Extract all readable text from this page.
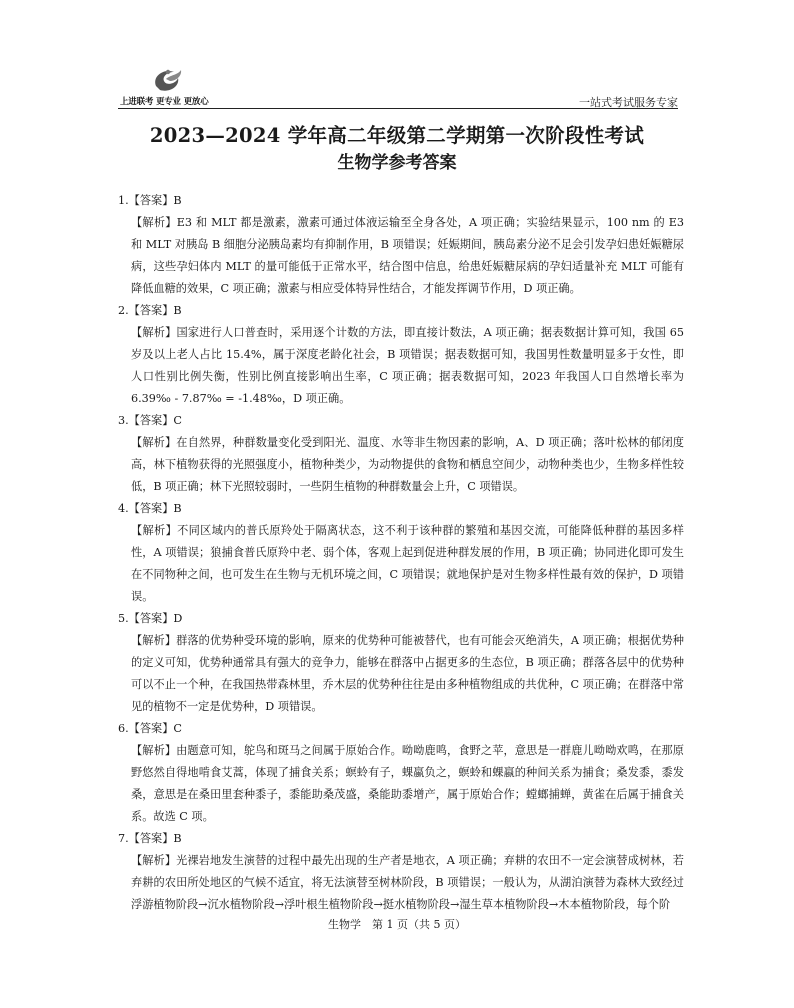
上进联考 更专业 更放心	一站式考试服务专家
2023—2024 学年高二年级第二学期第一次阶段性考试
生物学参考答案
1.【答案】B

【解析】E3 和 MLT 都是激素，激素可通过体液运输至全身各处，A 项正确；实验结果显示，100 nm 的 E3 和 MLT 对胰岛 B 细胞分泌胰岛素均有抑制作用，B 项错误；妊娠期间，胰岛素分泌不足会引发孕妇患妊娠糖尿病，这些孕妇体内 MLT 的量可能低于正常水平，结合图中信息，给患妊娠糖尿病的孕妇适量补充 MLT 可能有降低血糖的效果，C 项正确；激素与相应受体特异性结合，才能发挥调节作用，D 项正确。

2.【答案】B

【解析】国家进行人口普查时，采用逐个计数的方法，即直接计数法，A 项正确；据表数据计算可知，我国 65 岁及以上老人占比 15.4%，属于深度老龄化社会，B 项错误；据表数据可知，我国男性数量明显多于女性，即人口性别比例失衡，性别比例直接影响出生率，C 项正确；据表数据可知，2023 年我国人口自然增长率为 6.39‰ - 7.87‰ = -1.48‰，D 项正确。

3.【答案】C

【解析】在自然界，种群数量变化受到阳光、温度、水等非生物因素的影响，A、D 项正确；落叶松林的郁闭度高，林下植物获得的光照强度小，植物种类少，为动物提供的食物和栖息空间少，动物种类也少，生物多样性较低，B 项正确；林下光照较弱时，一些阴生植物的种群数量会上升，C 项错误。

4.【答案】B

【解析】不同区域内的普氏原羚处于隔离状态，这不利于该种群的繁殖和基因交流，可能降低种群的基因多样性，A 项错误；狼捕食普氏原羚中老、弱个体，客观上起到促进种群发展的作用，B 项正确；协同进化即可发生在不同物种之间，也可发生在生物与无机环境之间，C 项错误；就地保护是对生物多样性最有效的保护，D 项错误。

5.【答案】D

【解析】群落的优势种受环境的影响，原来的优势种可能被替代，也有可能会灭绝消失，A 项正确；根据优势种的定义可知，优势种通常具有强大的竞争力，能够在群落中占据更多的生态位，B 项正确；群落各层中的优势种可以不止一个种，在我国热带森林里，乔木层的优势种往往是由多种植物组成的共优种，C 项正确；在群落中常见的植物不一定是优势种，D 项错误。

6.【答案】C

【解析】由题意可知，鸵鸟和斑马之间属于原始合作。呦呦鹿鸣，食野之苹，意思是一群鹿儿呦呦欢鸣，在那原野悠然自得地啃食艾蒿，体现了捕食关系；螟蛉有子，蜾蠃负之，螟蛉和蜾蠃的种间关系为捕食；桑发黍，黍发桑，意思是在桑田里套种黍子，黍能助桑茂盛，桑能助黍增产，属于原始合作；螳螂捕蝉，黄雀在后属于捕食关系。故选 C 项。

7.【答案】B

【解析】光裸岩地发生演替的过程中最先出现的生产者是地衣，A 项正确；弃耕的农田不一定会演替成树林，若弃耕的农田所处地区的气候不适宜，将无法演替至树林阶段，B 项错误；一般认为，从湖泊演替为森林大致经过浮游植物阶段→沉水植物阶段→浮叶根生植物阶段→挺水植物阶段→湿生草本植物阶段→木本植物阶段，每个阶

生物学　第 1 页（共 5 页）
